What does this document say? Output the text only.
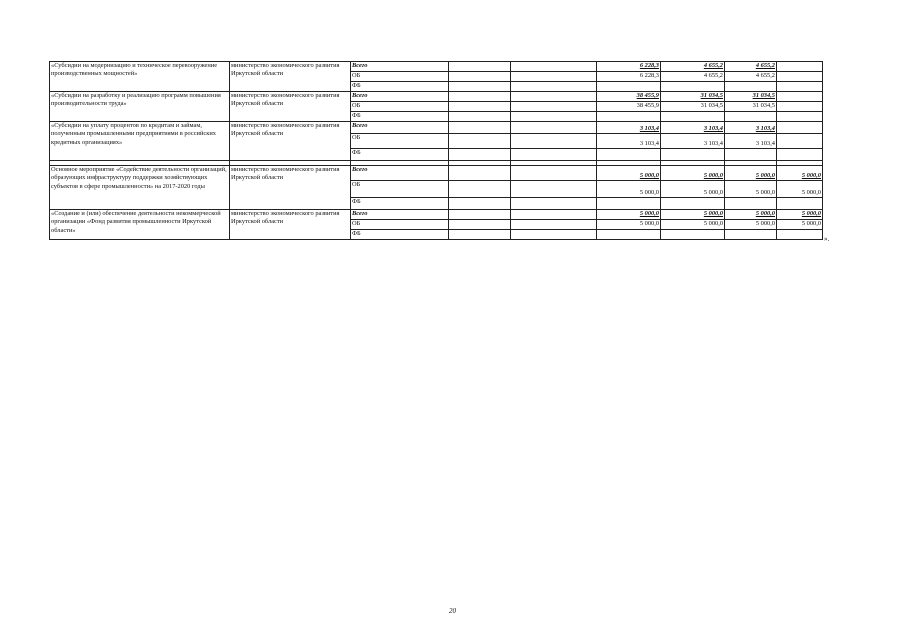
«Субсидии на модернизацию и техническое перевооружение производственных мощностей»	министерство экономического развития Иркутской области	Всего			6 228,3	4 655,2	4 655,2	
		ОБ			6 228,3	4 655,2	4 655,2	
		ФБ						
«Субсидии на разработку и реализацию программ повышения производительности труда»	министерство экономического развития Иркутской области	Всего			38 455,9	31 034,5	31 034,5	
		ОБ			38 455,9	31 034,5	31 034,5	
		ФБ						
«Субсидии на уплату процентов по кредитам и займам, полученным промышленными предприятиями в российских кредитных организациях»	министерство экономического развития Иркутской области	Всего			3 103,4	3 103,4	3 103,4	
		ОБ			3 103,4	3 103,4	3 103,4	
		ФБ						

Основное мероприятие «Содействие деятельности организаций, образующих инфраструктуру поддержки хозяйствующих субъектов в сфере промышленности» на 2017-2020 годы	министерство экономического развития Иркутской области	Всего			5 000,0	5 000,0	5 000,0	5 000,0
		ОБ			5 000,0	5 000,0	5 000,0	5 000,0
		ФБ						
«Создание и (или) обеспечение деятельности некоммерческой организации «Фонд развития промышленности Иркутской области»	министерство экономического развития Иркутской области	Всего			5 000,0	5 000,0	5 000,0	5 000,0
		ОБ			5 000,0	5 000,0	5 000,0	5 000,0
		ФБ						
».
20
